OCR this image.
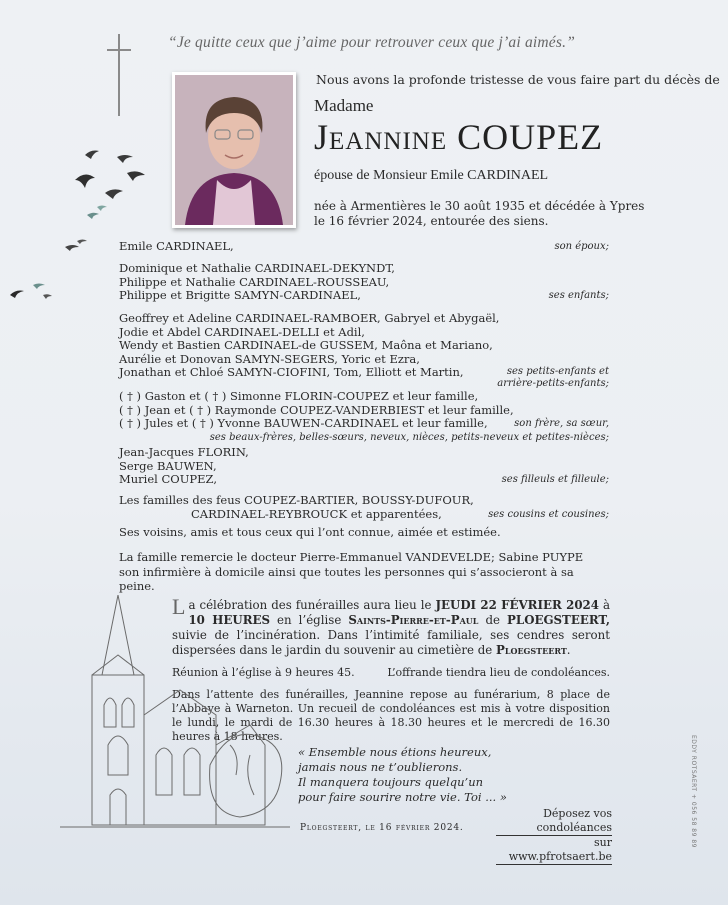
“Je quitte ceux que j’aime pour retrouver ceux que j’ai aimés.”
Nous avons la profonde tristesse de vous faire part du décès de
Madame
Jeannine COUPEZ
épouse de Monsieur Emile CARDINAEL
née à Armentières le 30 août 1935 et décédée à Ypres
le 16 février 2024, entourée des siens.
Emile CARDINAEL,	son époux;
Dominique et Nathalie CARDINAEL-DEKYNDT,
Philippe et Nathalie CARDINAEL-ROUSSEAU,
Philippe et Brigitte SAMYN-CARDINAEL,	ses enfants;
Geoffrey et Adeline CARDINAEL-RAMBOER, Gabryel et Abygaël,
Jodie et Abdel CARDINAEL-DELLI et Adil,
Wendy et Bastien CARDINAEL-de GUSSEM, Maôna et Mariano,
Aurélie et Donovan SAMYN-SEGERS, Yoric et Ezra,
Jonathan et Chloé SAMYN-CIOFINI, Tom, Elliott et Martin,	ses petits-enfants et
arrière-petits-enfants;
( † ) Gaston et ( † ) Simonne FLORIN-COUPEZ et leur famille,
( † ) Jean et ( † ) Raymonde COUPEZ-VANDERBIEST et leur famille,
( † ) Jules et ( † ) Yvonne BAUWEN-CARDINAEL et leur famille,	son frère, sa sœur,
ses beaux-frères, belles-sœurs, neveux, nièces, petits-neveux et petites-nièces;
Jean-Jacques FLORIN,
Serge BAUWEN,
Muriel COUPEZ,	ses filleuls et filleule;
Les familles des feus COUPEZ-BARTIER, BOUSSY-DUFOUR,
CARDINAEL-REYBROUCK et apparentées,	ses cousins et cousines;
Ses voisins, amis et tous ceux qui l’ont connue, aimée et estimée.
La famille remercie le docteur Pierre-Emmanuel VANDEVELDE; Sabine PUYPE
son infirmière à domicile ainsi que toutes les personnes qui s’associeront à sa peine.
La célébration des funérailles aura lieu le JEUDI 22 FÉVRIER 2024 à 10 HEURES en l’église Saints-Pierre-et-Paul de PLOEGSTEERT, suivie de l’incinération. Dans l’intimité familiale, ses cendres seront dispersées dans le jardin du souvenir au cimetière de Ploegsteert.
Réunion à l’église à 9 heures 45.	L’offrande tiendra lieu de condoléances.
Dans l’attente des funérailles, Jeannine repose au funérarium, 8 place de l’Abbaye à Warneton. Un recueil de condoléances est mis à votre disposition le lundi, le mardi de 16.30 heures à 18.30 heures et le mercredi de 16.30 heures à 18 heures.
« Ensemble nous étions heureux,
jamais nous ne t’oublierons.
Il manquera toujours quelqu’un
pour faire sourire notre vie. Toi ... »
Ploegsteert, le 16 février 2024.
Déposez vos condoléances
sur www.pfrotsaert.be
EDDY ROTSAERT + 056 58 89 89
